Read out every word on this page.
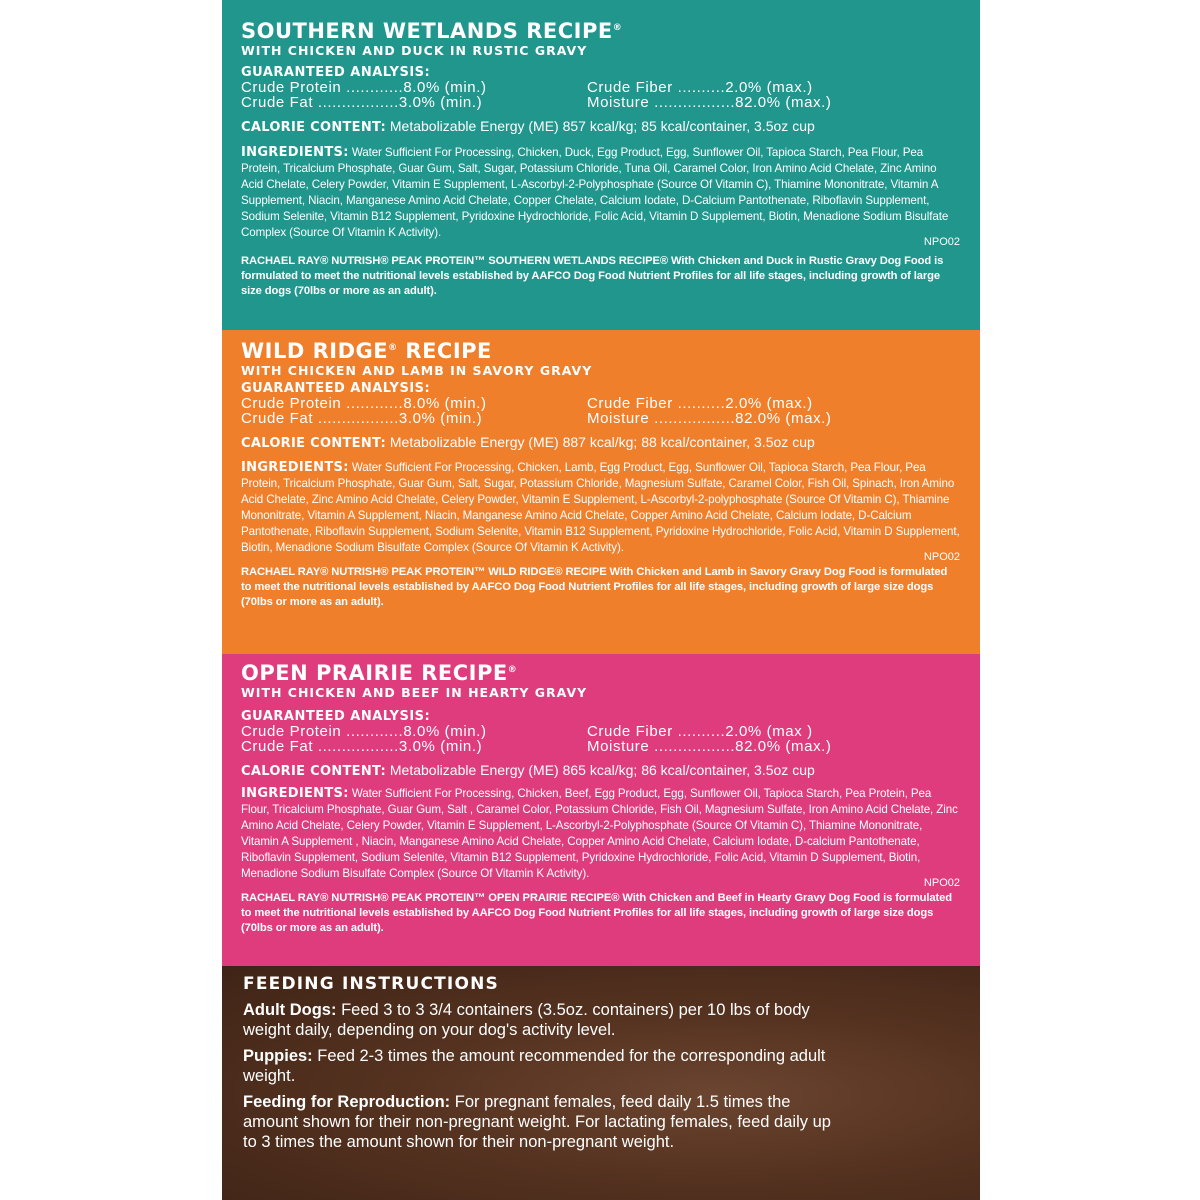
SOUTHERN WETLANDS RECIPE®
WITH CHICKEN AND DUCK IN RUSTIC GRAVY
GUARANTEED ANALYSIS:
Crude Protein ............8.0% (min.)	Crude Fiber ..........2.0% (max.)
Crude Fat .................3.0% (min.)	Moisture .................82.0% (max.)
CALORIE CONTENT: Metabolizable Energy (ME) 857 kcal/kg; 85 kcal/container, 3.5oz cup
INGREDIENTS: Water Sufficient For Processing, Chicken, Duck, Egg Product, Egg, Sunflower Oil, Tapioca Starch, Pea Flour, Pea Protein, Tricalcium Phosphate, Guar Gum, Salt, Sugar, Potassium Chloride, Tuna Oil, Caramel Color, Iron Amino Acid Chelate, Zinc Amino Acid Chelate, Celery Powder, Vitamin E Supplement, L-Ascorbyl-2-Polyphosphate (Source Of Vitamin C), Thiamine Mononitrate, Vitamin A Supplement, Niacin, Manganese Amino Acid Chelate, Copper Chelate, Calcium Iodate, D-Calcium Pantothenate, Riboflavin Supplement, Sodium Selenite, Vitamin B12 Supplement, Pyridoxine Hydrochloride, Folic Acid, Vitamin D Supplement, Biotin, Menadione Sodium Bisulfate Complex (Source Of Vitamin K Activity).
NPO02
RACHAEL RAY® NUTRISH® PEAK PROTEIN™ SOUTHERN WETLANDS RECIPE® With Chicken and Duck in Rustic Gravy Dog Food is formulated to meet the nutritional levels established by AAFCO Dog Food Nutrient Profiles for all life stages, including growth of large size dogs (70lbs or more as an adult).
WILD RIDGE® RECIPE
WITH CHICKEN AND LAMB IN SAVORY GRAVY
GUARANTEED ANALYSIS:
Crude Protein ............8.0% (min.)	Crude Fiber ..........2.0% (max.)
Crude Fat .................3.0% (min.)	Moisture .................82.0% (max.)
CALORIE CONTENT: Metabolizable Energy (ME) 887 kcal/kg; 88 kcal/container, 3.5oz cup
INGREDIENTS: Water Sufficient For Processing, Chicken, Lamb, Egg Product, Egg, Sunflower Oil, Tapioca Starch, Pea Flour, Pea Protein, Tricalcium Phosphate, Guar Gum, Salt, Sugar, Potassium Chloride, Magnesium Sulfate, Caramel Color, Fish Oil, Spinach, Iron Amino Acid Chelate, Zinc Amino Acid Chelate, Celery Powder, Vitamin E Supplement, L-Ascorbyl-2-polyphosphate (Source Of Vitamin C), Thiamine Mononitrate, Vitamin A Supplement, Niacin, Manganese Amino Acid Chelate, Copper Amino Acid Chelate, Calcium Iodate, D-Calcium Pantothenate, Riboflavin Supplement, Sodium Selenite, Vitamin B12 Supplement, Pyridoxine Hydrochloride, Folic Acid, Vitamin D Supplement, Biotin, Menadione Sodium Bisulfate Complex (Source Of Vitamin K Activity).
NPO02
RACHAEL RAY® NUTRISH® PEAK PROTEIN™ WILD RIDGE® RECIPE With Chicken and Lamb in Savory Gravy Dog Food is formulated to meet the nutritional levels established by AAFCO Dog Food Nutrient Profiles for all life stages, including growth of large size dogs (70lbs or more as an adult).
OPEN PRAIRIE RECIPE®
WITH CHICKEN AND BEEF IN HEARTY GRAVY
GUARANTEED ANALYSIS:
Crude Protein ............8.0% (min.)	Crude Fiber ..........2.0% (max )
Crude Fat .................3.0% (min.)	Moisture .................82.0% (max.)
CALORIE CONTENT: Metabolizable Energy (ME) 865 kcal/kg; 86 kcal/container, 3.5oz cup
INGREDIENTS: Water Sufficient For Processing, Chicken, Beef, Egg Product, Egg, Sunflower Oil, Tapioca Starch, Pea Protein, Pea Flour, Tricalcium Phosphate, Guar Gum, Salt , Caramel Color, Potassium Chloride, Fish Oil, Magnesium Sulfate, Iron Amino Acid Chelate, Zinc Amino Acid Chelate, Celery Powder, Vitamin E Supplement, L-Ascorbyl-2-Polyphosphate (Source Of Vitamin C), Thiamine Mononitrate, Vitamin A Supplement , Niacin, Manganese Amino Acid Chelate, Copper Amino Acid Chelate, Calcium Iodate, D-calcium Pantothenate, Riboflavin Supplement, Sodium Selenite, Vitamin B12 Supplement, Pyridoxine Hydrochloride, Folic Acid, Vitamin D Supplement, Biotin, Menadione Sodium Bisulfate Complex (Source Of Vitamin K Activity).
NPO02
RACHAEL RAY® NUTRISH® PEAK PROTEIN™ OPEN PRAIRIE RECIPE® With Chicken and Beef in Hearty Gravy Dog Food is formulated to meet the nutritional levels established by AAFCO Dog Food Nutrient Profiles for all life stages, including growth of large size dogs (70lbs or more as an adult).
FEEDING INSTRUCTIONS

Adult Dogs: Feed 3 to 3 3/4 containers (3.5oz. containers) per 10 lbs of body weight daily, depending on your dog's activity level.

Puppies: Feed 2-3 times the amount recommended for the corresponding adult weight.

Feeding for Reproduction: For pregnant females, feed daily 1.5 times the amount shown for their non-pregnant weight. For lactating females, feed daily up to 3 times the amount shown for their non-pregnant weight.
